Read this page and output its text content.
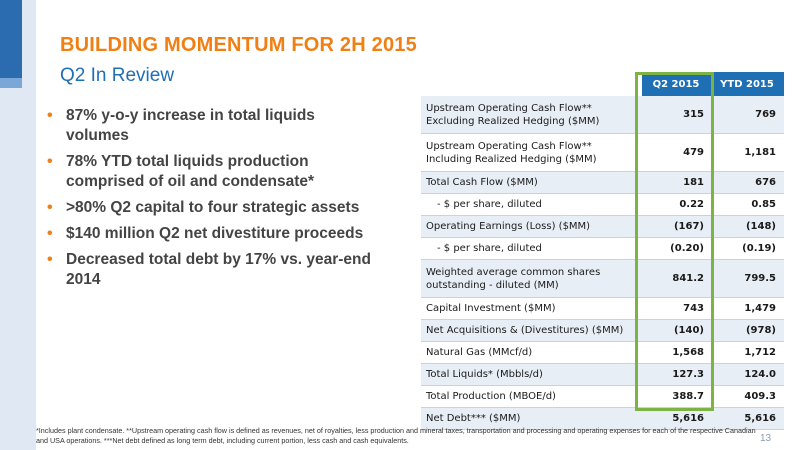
BUILDING MOMENTUM FOR 2H 2015
Q2 In Review
• 87% y-o-y increase in total liquids volumes
• 78% YTD total liquids production comprised of oil and condensate*
• >80% Q2 capital to four strategic assets
• $140 million Q2 net divestiture proceeds
• Decreased total debt by 17% vs. year-end 2014
	Q2 2015	YTD 2015
Upstream Operating Cash Flow** Excluding Realized Hedging ($MM)	315	769
Upstream Operating Cash Flow** Including Realized Hedging ($MM)	479	1,181
Total Cash Flow ($MM)	181	676
- $ per share, diluted	0.22	0.85
Operating Earnings (Loss) ($MM)	(167)	(148)
- $ per share, diluted	(0.20)	(0.19)
Weighted average common shares outstanding - diluted (MM)	841.2	799.5
Capital Investment ($MM)	743	1,479
Net Acquisitions & (Divestitures) ($MM)	(140)	(978)
Natural Gas (MMcf/d)	1,568	1,712
Total Liquids* (Mbbls/d)	127.3	124.0
Total Production (MBOE/d)	388.7	409.3
Net Debt*** ($MM)	5,616	5,616
*Includes plant condensate. **Upstream operating cash flow is defined as revenues, net of royalties, less production and mineral taxes, transportation and processing and operating expenses for each of the respective Canadian and USA operations. ***Net debt defined as long term debt, including current portion, less cash and cash equivalents.	13
